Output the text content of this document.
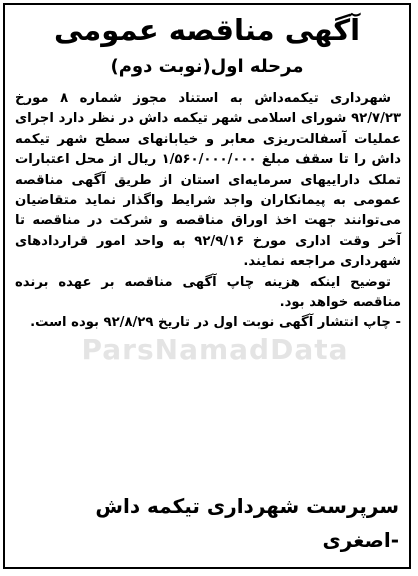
آگهی مناقصه عمومی
مرحله اول(نوبت دوم)

شهرداری تیکمه‌داش به استناد مجوز شماره ۸ مورخ ۹۲/۷/۲۳ شورای اسلامی شهر تیکمه داش در نظر دارد اجرای عملیات آسفالت‌ریزی معابر و خیابانهای سطح شهر تیکمه داش را تا سقف مبلغ ۱/۵۶۰/۰۰۰/۰۰۰ ریال از محل اعتبارات تملک داراییهای سرمایه‌ای استان از طریق آگهی مناقصه عمومی به پیمانکاران واجد شرایط واگذار نماید متقاضیان می‌توانند جهت اخذ اوراق مناقصه و شرکت در مناقصه تا آخر وقت اداری مورخ ۹۲/۹/۱۶ به واحد امور قراردادهای شهرداری مراجعه نمایند.

توضیح اینکه هزینه چاپ آگهی مناقصه بر عهده برنده مناقصه خواهد بود.

- چاپ انتشار آگهی نوبت اول در تاریخ ۹۲/۸/۲۹ بوده است.

ParsNamadData
سرپرست شهرداری تیکمه داش
-اصغری
